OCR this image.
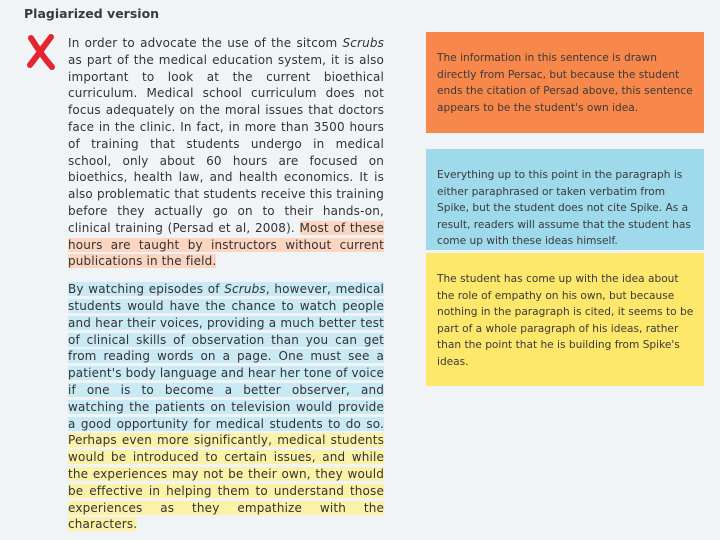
Plagiarized version

In order to advocate the use of the sitcom Scrubs as part of the medical education system, it is also important to look at the current bioethical curriculum. Medical school curriculum does not focus adequately on the moral issues that doctors face in the clinic. In fact, in more than 3500 hours of training that students undergo in medical school, only about 60 hours are focused on bioethics, health law, and health economics. It is also problematic that students receive this training before they actually go on to their hands-on, clinical training (Persad et al, 2008). Most of these hours are taught by instructors without current publications in the field.

By watching episodes of Scrubs, however, medical students would have the chance to watch people and hear their voices, providing a much better test of clinical skills of observation than you can get from reading words on a page. One must see a patient's body language and hear her tone of voice if one is to become a better observer, and watching the patients on television would provide a good opportunity for medical students to do so. Perhaps even more significantly, medical students would be introduced to certain issues, and while the experiences may not be their own, they would be effective in helping them to understand those experiences as they empathize with the characters.

The information in this sentence is drawn directly from Persac, but because the student ends the citation of Persad above, this sentence appears to be the student's own idea.
Everything up to this point in the paragraph is either paraphrased or taken verbatim from Spike, but the student does not cite Spike. As a result, readers will assume that the student has come up with these ideas himself.
The student has come up with the idea about the role of empathy on his own, but because nothing in the paragraph is cited, it seems to be part of a whole paragraph of his ideas, rather than the point that he is building from Spike's ideas.
